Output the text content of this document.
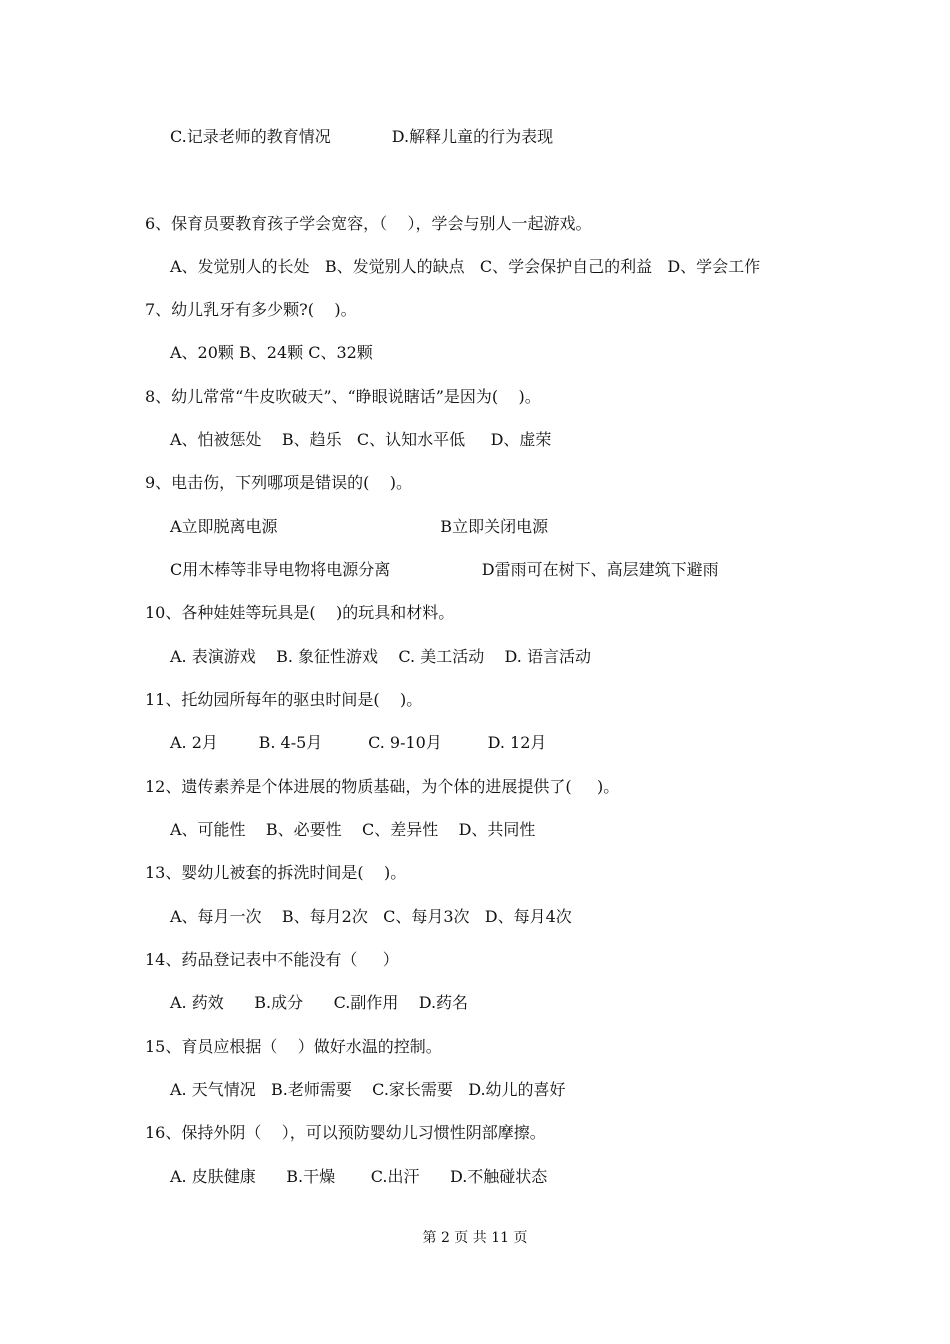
C.记录老师的教育情况            D.解释儿童的行为表现
6、保育员要教育孩子学会宽容，（    ），学会与别人一起游戏。
A、发觉别人的长处   B、发觉别人的缺点   C、学会保护自己的利益   D、学会工作
7、幼儿乳牙有多少颗?(    )。
A、20颗 B、24颗 C、32颗
8、幼儿常常“牛皮吹破天”、“睁眼说瞎话”是因为(    )。
A、怕被惩处    B、趋乐   C、认知水平低     D、虚荣
9、电击伤，下列哪项是错误的(    )。
A立即脱离电源                                B立即关闭电源
C用木棒等非导电物将电源分离                  D雷雨可在树下、高层建筑下避雨
10、各种娃娃等玩具是(    )的玩具和材料。
A. 表演游戏    B. 象征性游戏    C. 美工活动    D. 语言活动
11、托幼园所每年的驱虫时间是(    )。
A. 2月        B. 4-5月         C. 9-10月         D. 12月
12、遗传素养是个体进展的物质基础，为个体的进展提供了(     )。
A、可能性    B、必要性    C、差异性    D、共同性
13、婴幼儿被套的拆洗时间是(    )。
A、每月一次    B、每月2次   C、每月3次   D、每月4次
14、药品登记表中不能没有（     ）
A. 药效      B.成分      C.副作用    D.药名
15、育员应根据（    ）做好水温的控制。
A. 天气情况   B.老师需要    C.家长需要   D.幼儿的喜好
16、保持外阴（    ），可以预防婴幼儿习惯性阴部摩擦。
A. 皮肤健康      B.干燥       C.出汗      D.不触碰状态
第 2 页 共 11 页
